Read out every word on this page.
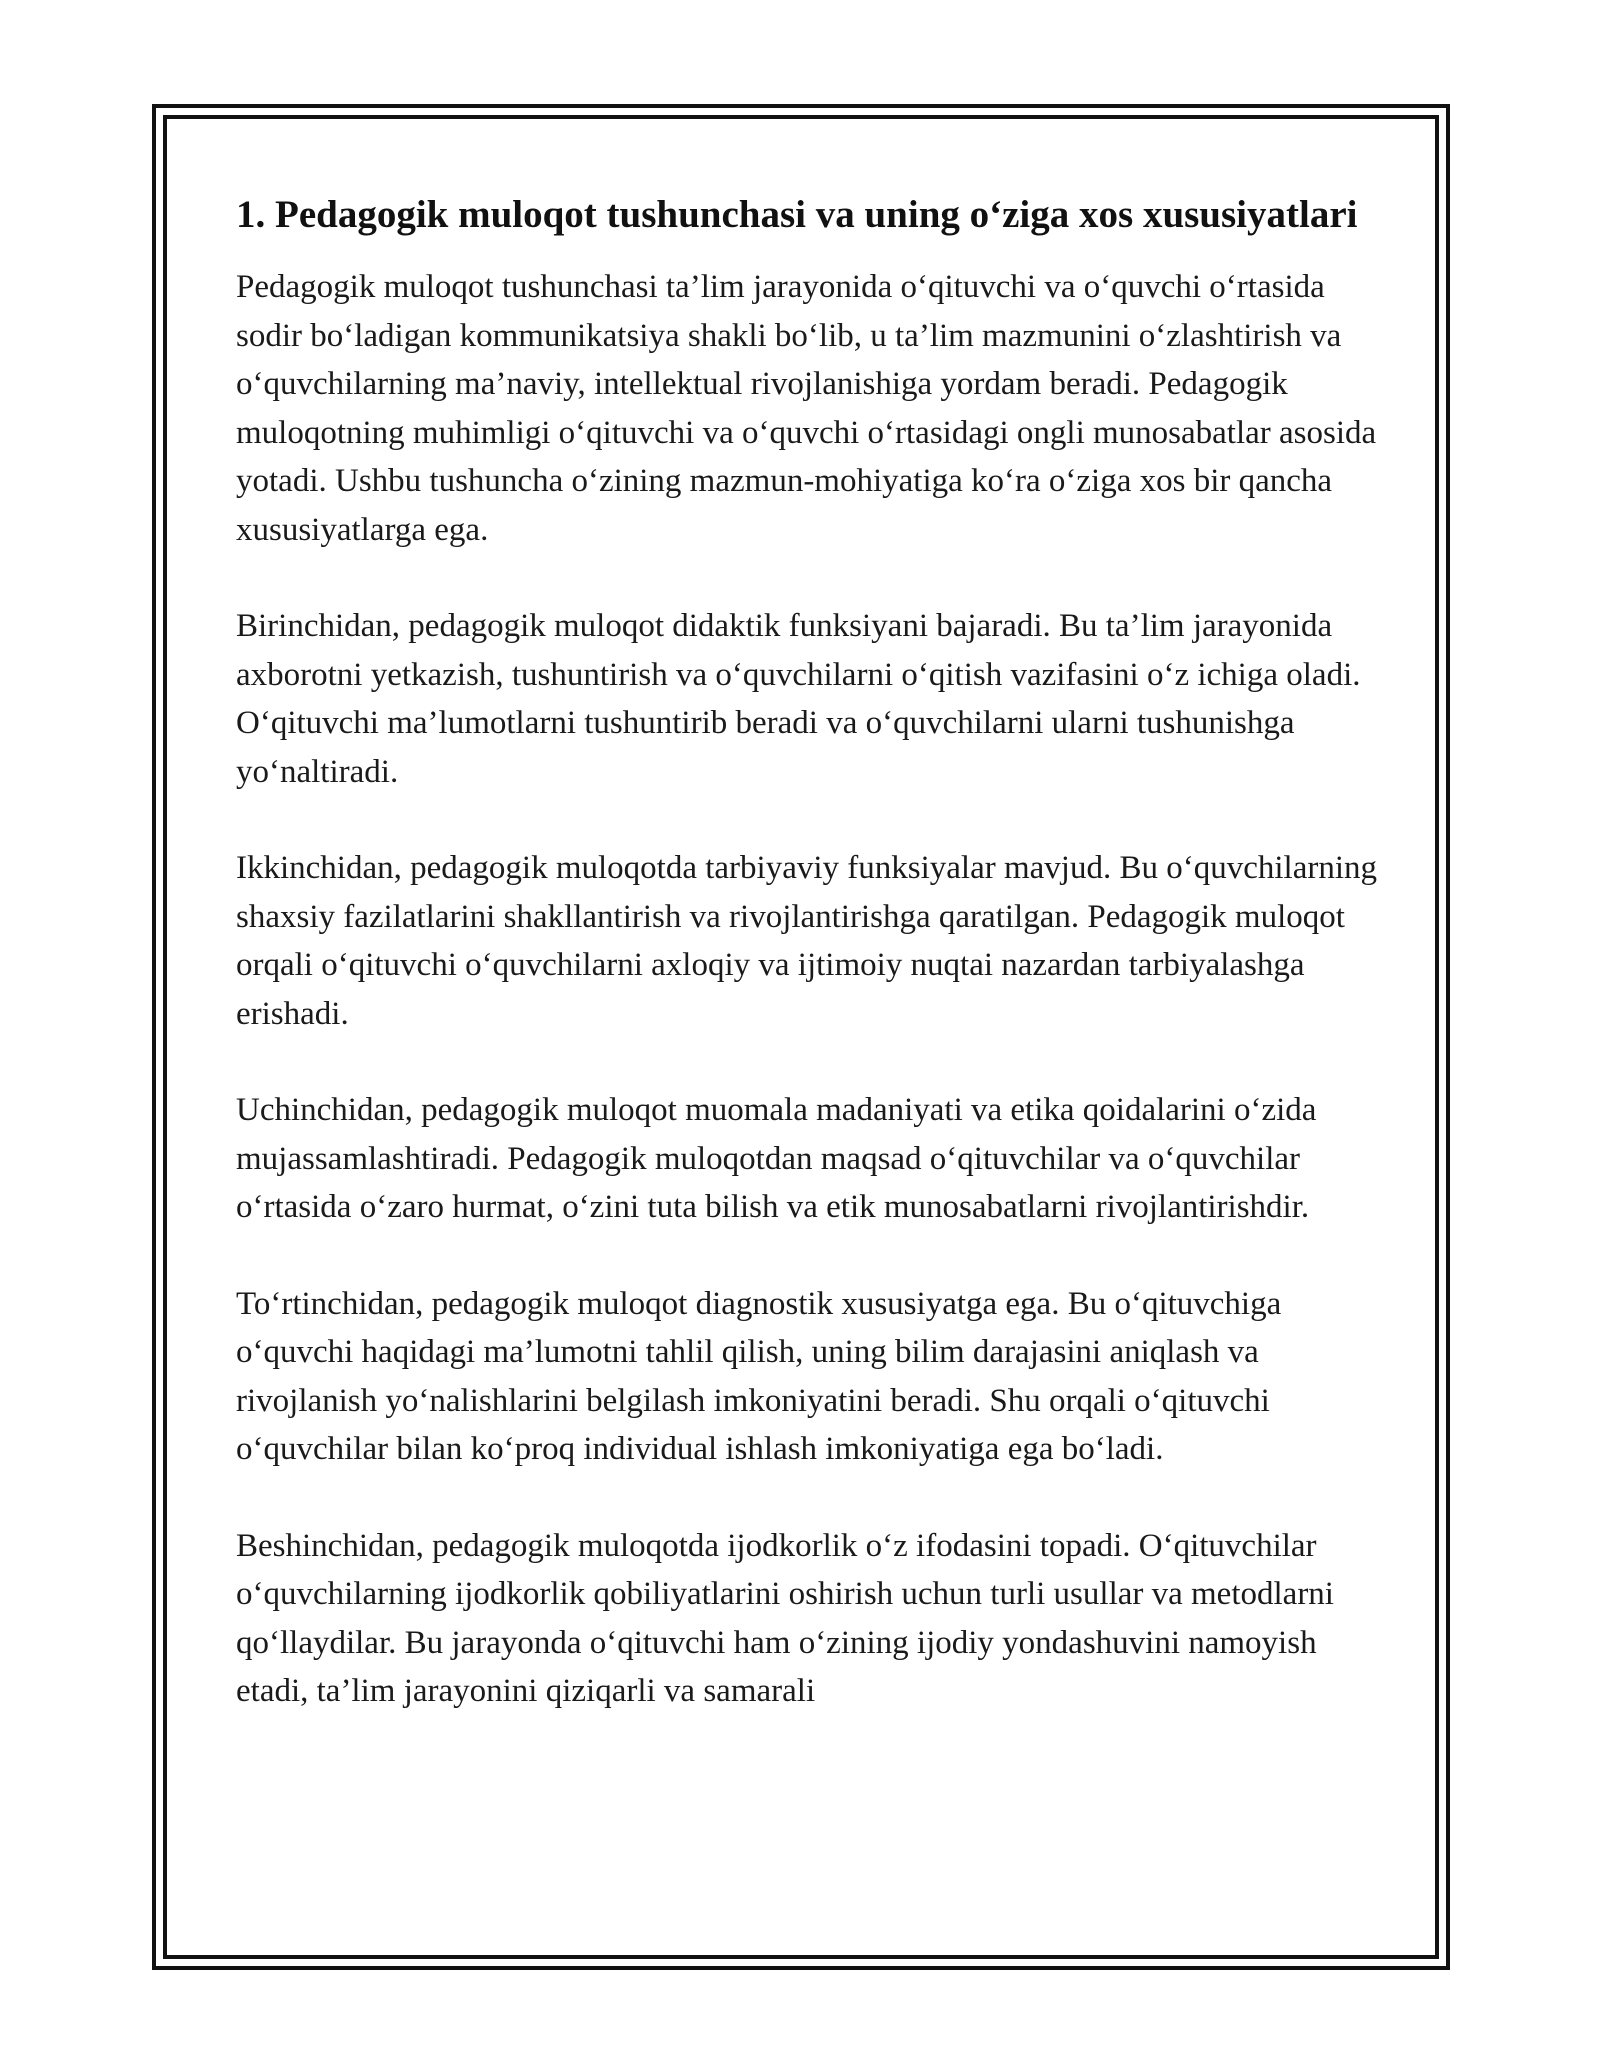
1. Pedagogik muloqot tushunchasi va uning o‘ziga xos xususiyatlari

Pedagogik muloqot tushunchasi ta’lim jarayonida o‘qituvchi va o‘quvchi o‘rtasida sodir bo‘ladigan kommunikatsiya shakli bo‘lib, u ta’lim mazmunini o‘zlashtirish va o‘quvchilarning ma’naviy, intellektual rivojlanishiga yordam beradi. Pedagogik muloqotning muhimligi o‘qituvchi va o‘quvchi o‘rtasidagi ongli munosabatlar asosida yotadi. Ushbu tushuncha o‘zining mazmun-mohiyatiga ko‘ra o‘ziga xos bir qancha xususiyatlarga ega.

Birinchidan, pedagogik muloqot didaktik funksiyani bajaradi. Bu ta’lim jarayonida axborotni yetkazish, tushuntirish va o‘quvchilarni o‘qitish vazifasini o‘z ichiga oladi. O‘qituvchi ma’lumotlarni tushuntirib beradi va o‘quvchilarni ularni tushunishga yo‘naltiradi.

Ikkinchidan, pedagogik muloqotda tarbiyaviy funksiyalar mavjud. Bu o‘quvchilarning shaxsiy fazilatlarini shakllantirish va rivojlantirishga qaratilgan. Pedagogik muloqot orqali o‘qituvchi o‘quvchilarni axloqiy va ijtimoiy nuqtai nazardan tarbiyalashga erishadi.

Uchinchidan, pedagogik muloqot muomala madaniyati va etika qoidalarini o‘zida mujassamlashtiradi. Pedagogik muloqotdan maqsad o‘qituvchilar va o‘quvchilar o‘rtasida o‘zaro hurmat, o‘zini tuta bilish va etik munosabatlarni rivojlantirishdir.

To‘rtinchidan, pedagogik muloqot diagnostik xususiyatga ega. Bu o‘qituvchiga o‘quvchi haqidagi ma’lumotni tahlil qilish, uning bilim darajasini aniqlash va rivojlanish yo‘nalishlarini belgilash imkoniyatini beradi. Shu orqali o‘qituvchi o‘quvchilar bilan ko‘proq individual ishlash imkoniyatiga ega bo‘ladi.

Beshinchidan, pedagogik muloqotda ijodkorlik o‘z ifodasini topadi. O‘qituvchilar o‘quvchilarning ijodkorlik qobiliyatlarini oshirish uchun turli usullar va metodlarni qo‘llaydilar. Bu jarayonda o‘qituvchi ham o‘zining ijodiy yondashuvini namoyish etadi, ta’lim jarayonini qiziqarli va samarali
